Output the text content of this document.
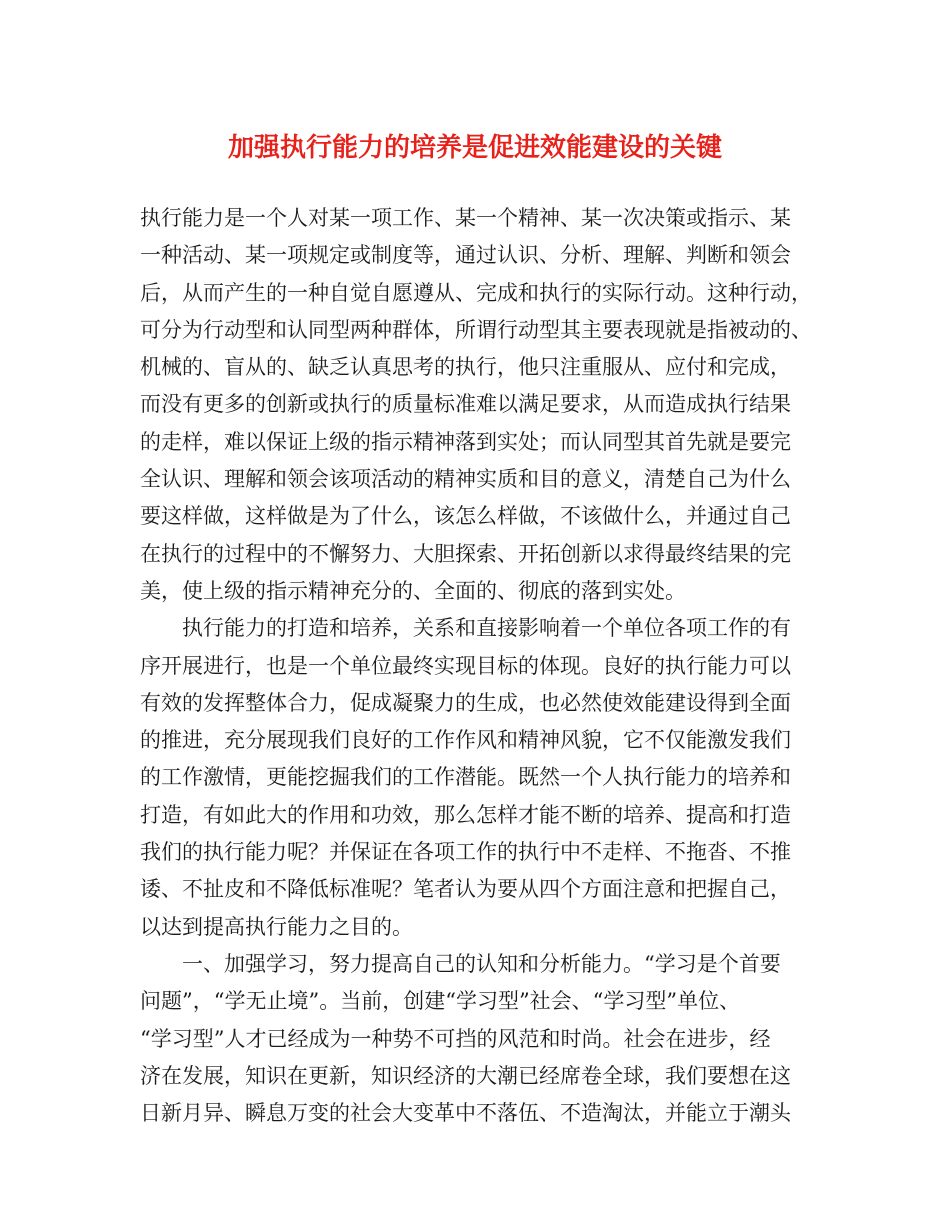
加强执行能力的培养是促进效能建设的关键
执行能力是一个人对某一项工作、某一个精神、某一次决策或指示、某
一种活动、某一项规定或制度等，通过认识、分析、理解、判断和领会
后，从而产生的一种自觉自愿遵从、完成和执行的实际行动。这种行动，
可分为行动型和认同型两种群体，所谓行动型其主要表现就是指被动的、
机械的、盲从的、缺乏认真思考的执行，他只注重服从、应付和完成，
而没有更多的创新或执行的质量标准难以满足要求，从而造成执行结果
的走样，难以保证上级的指示精神落到实处；而认同型其首先就是要完
全认识、理解和领会该项活动的精神实质和目的意义，清楚自己为什么
要这样做，这样做是为了什么，该怎么样做，不该做什么，并通过自己
在执行的过程中的不懈努力、大胆探索、开拓创新以求得最终结果的完
美，使上级的指示精神充分的、全面的、彻底的落到实处。
执行能力的打造和培养，关系和直接影响着一个单位各项工作的有
序开展进行，也是一个单位最终实现目标的体现。良好的执行能力可以
有效的发挥整体合力，促成凝聚力的生成，也必然使效能建设得到全面
的推进，充分展现我们良好的工作作风和精神风貌，它不仅能激发我们
的工作激情，更能挖掘我们的工作潜能。既然一个人执行能力的培养和
打造，有如此大的作用和功效，那么怎样才能不断的培养、提高和打造
我们的执行能力呢？并保证在各项工作的执行中不走样、不拖沓、不推
诿、不扯皮和不降低标准呢？笔者认为要从四个方面注意和把握自己，
以达到提高执行能力之目的。
一、加强学习，努力提高自己的认知和分析能力。“学习是个首要
问题”，“学无止境”。当前，创建“学习型”社会、“学习型”单位、
“学习型”人才已经成为一种势不可挡的风范和时尚。社会在进步，经
济在发展，知识在更新，知识经济的大潮已经席卷全球，我们要想在这
日新月异、瞬息万变的社会大变革中不落伍、不造淘汰，并能立于潮头
